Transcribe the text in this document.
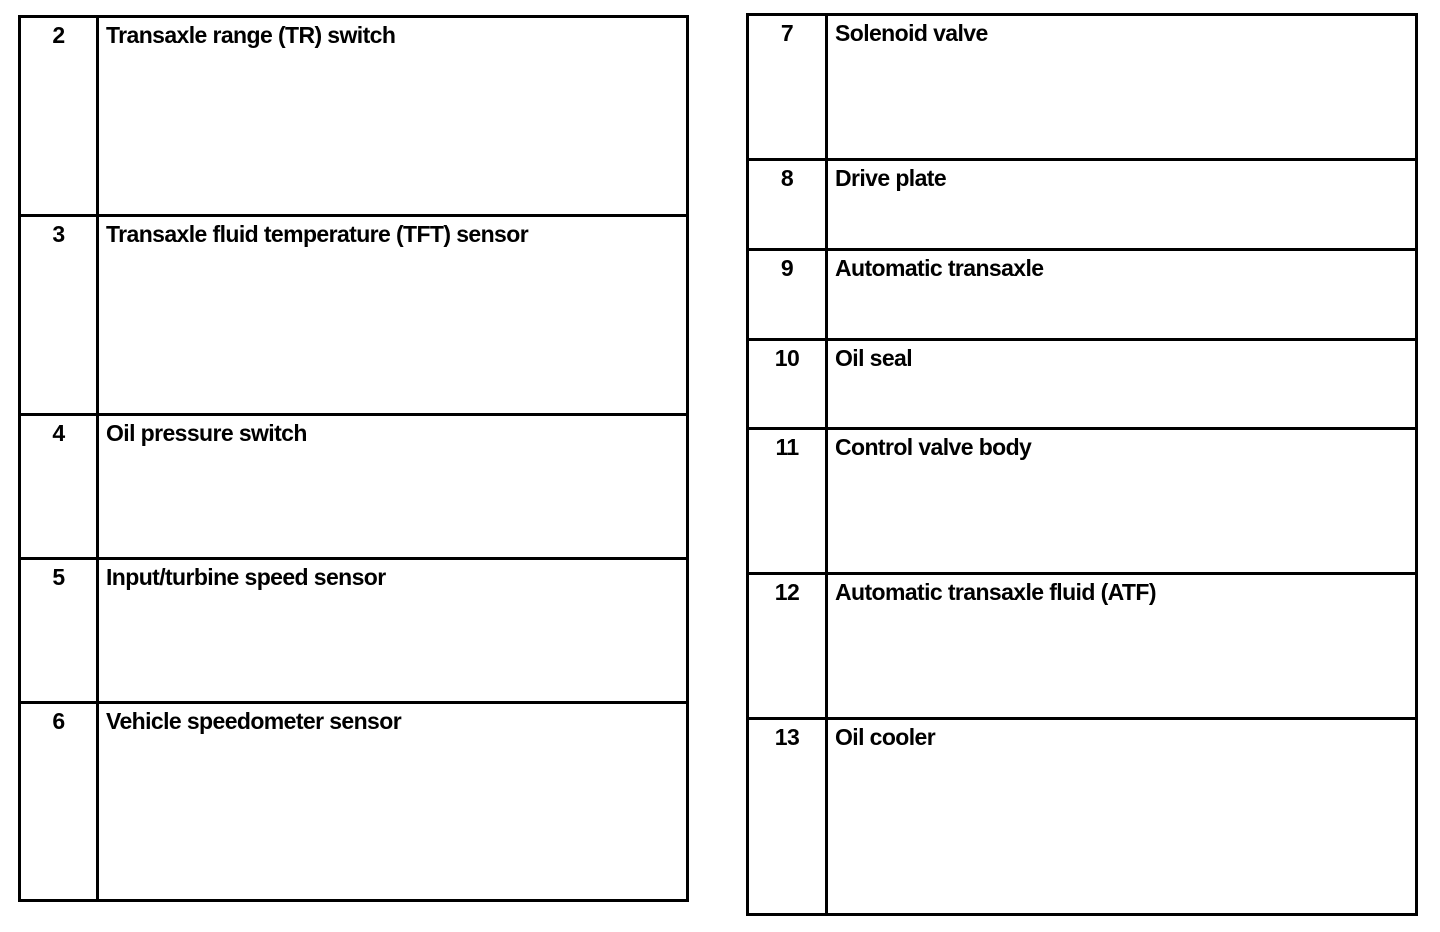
2	Transaxle range (TR) switch
3	Transaxle fluid temperature (TFT) sensor
4	Oil pressure switch
5	Input/turbine speed sensor
6	Vehicle speedometer sensor
7	Solenoid valve
8	Drive plate
9	Automatic transaxle
10	Oil seal
11	Control valve body
12	Automatic transaxle fluid (ATF)
13	Oil cooler
